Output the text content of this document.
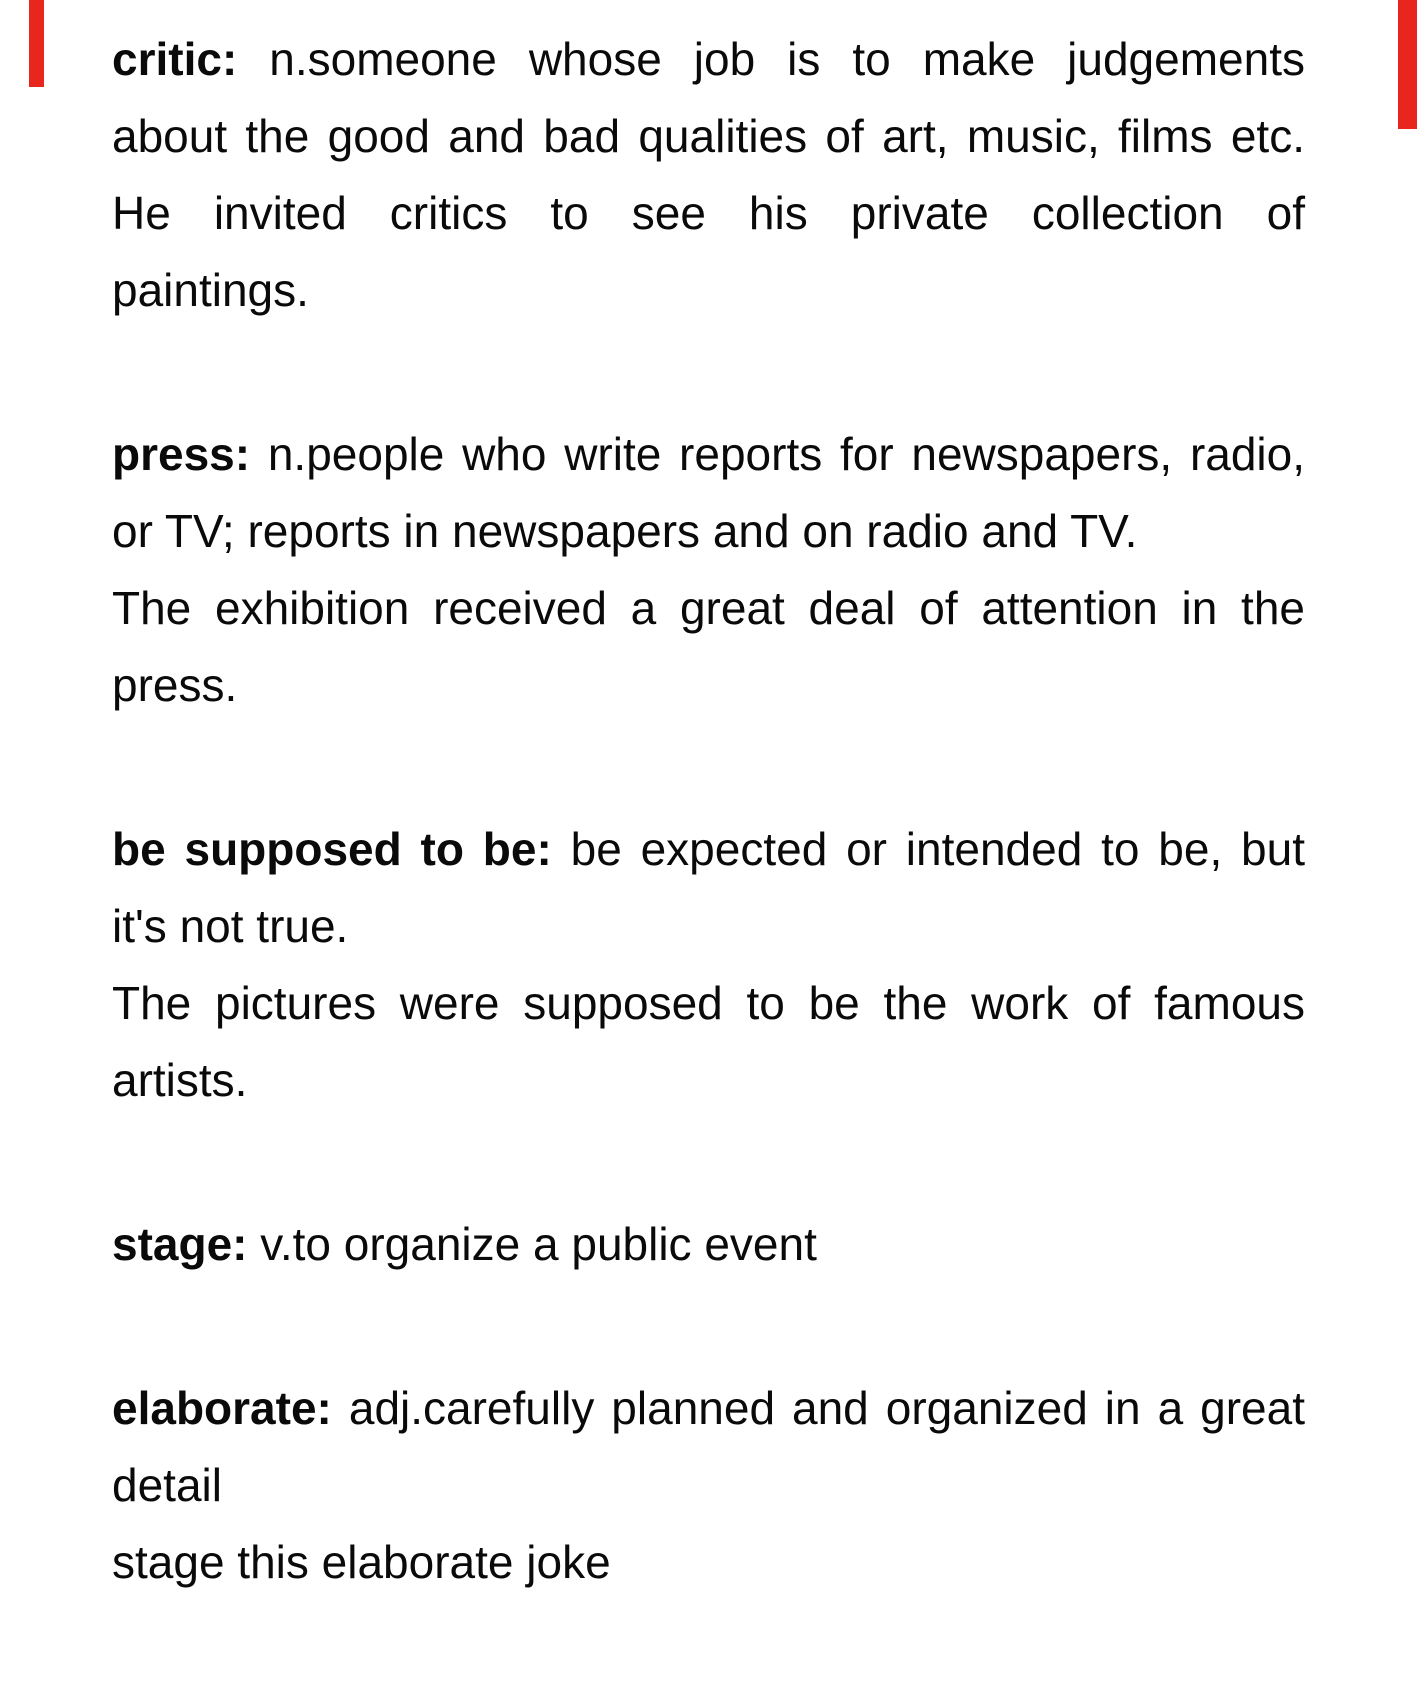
critic: n.someone whose job is to make judgements
about the good and bad qualities of art, music, films etc.
He invited critics to see his private collection of
paintings.
press: n.people who write reports for newspapers, radio,
or TV; reports in newspapers and on radio and TV.
The exhibition received a great deal of attention in the
press.
be supposed to be: be expected or intended to be, but
it's not true.
The pictures were supposed to be the work of famous
artists.
stage: v.to organize a public event
elaborate: adj.carefully planned and organized in a great
detail
stage this elaborate joke
